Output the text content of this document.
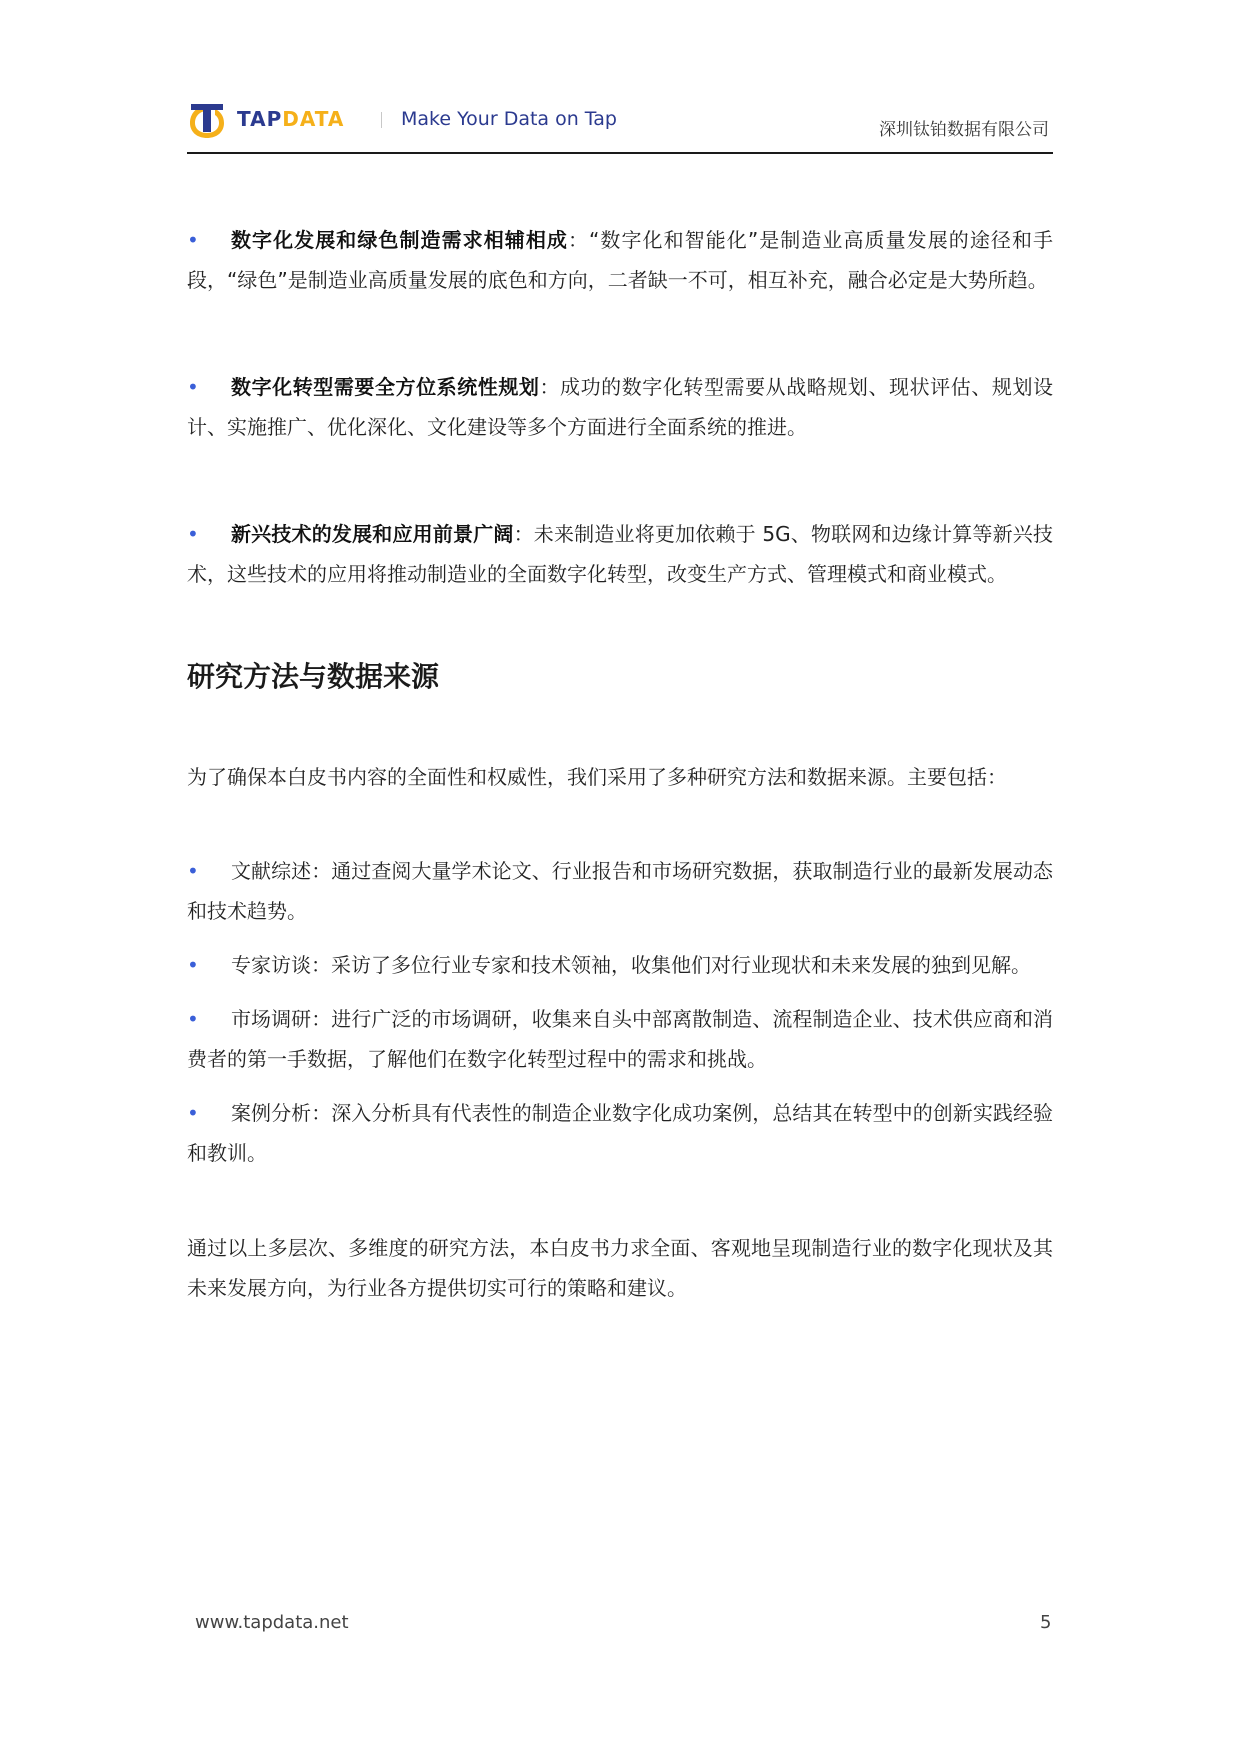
TAPDATA	Make Your Data on Tap	深圳钛铂数据有限公司
•	数字化发展和绿色制造需求相辅相成：“数字化和智能化”是制造业高质量发展的途径和手段，“绿色”是制造业高质量发展的底色和方向，二者缺一不可，相互补充，融合必定是大势所趋。
•	数字化转型需要全方位系统性规划：成功的数字化转型需要从战略规划、现状评估、规划设计、实施推广、优化深化、文化建设等多个方面进行全面系统的推进。
•	新兴技术的发展和应用前景广阔：未来制造业将更加依赖于 5G、物联网和边缘计算等新兴技术，这些技术的应用将推动制造业的全面数字化转型，改变生产方式、管理模式和商业模式。
研究方法与数据来源

为了确保本白皮书内容的全面性和权威性，我们采用了多种研究方法和数据来源。主要包括：

•	文献综述：通过查阅大量学术论文、行业报告和市场研究数据，获取制造行业的最新发展动态和技术趋势。
•	专家访谈：采访了多位行业专家和技术领袖，收集他们对行业现状和未来发展的独到见解。
•	市场调研：进行广泛的市场调研，收集来自头中部离散制造、流程制造企业、技术供应商和消费者的第一手数据，了解他们在数字化转型过程中的需求和挑战。
•	案例分析：深入分析具有代表性的制造企业数字化成功案例，总结其在转型中的创新实践经验和教训。

通过以上多层次、多维度的研究方法，本白皮书力求全面、客观地呈现制造行业的数字化现状及其未来发展方向，为行业各方提供切实可行的策略和建议。

www.tapdata.net	5
